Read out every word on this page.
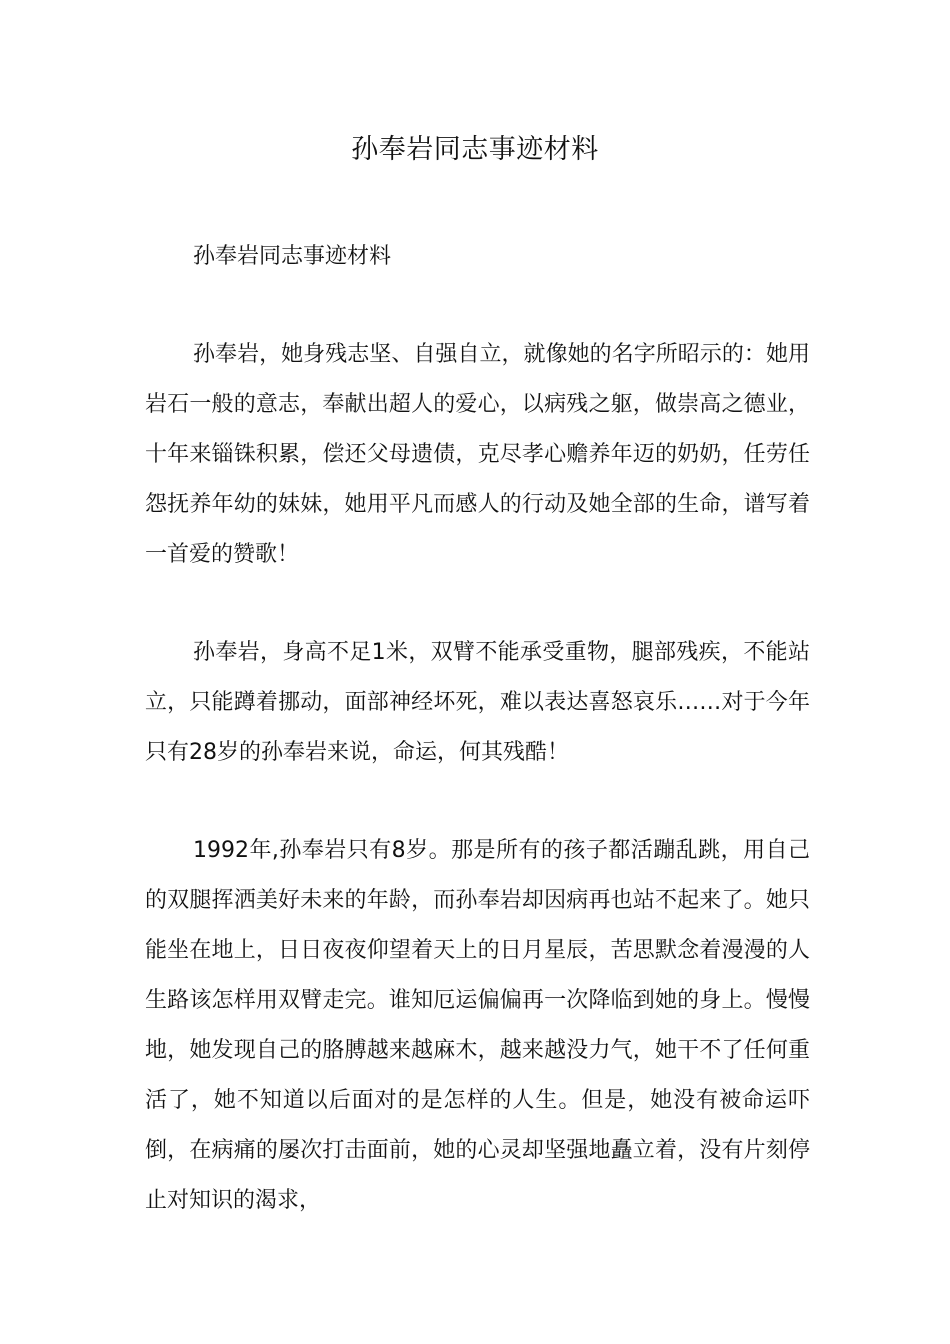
孙奉岩同志事迹材料

孙奉岩同志事迹材料

孙奉岩，她身残志坚、自强自立，就像她的名字所昭示的：她用岩石一般的意志，奉献出超人的爱心，以病残之躯，做崇高之德业，十年来锱铢积累，偿还父母遗债，克尽孝心赡养年迈的奶奶，任劳任怨抚养年幼的妹妹，她用平凡而感人的行动及她全部的生命，谱写着一首爱的赞歌！

孙奉岩，身高不足1米，双臂不能承受重物，腿部残疾，不能站立，只能蹲着挪动，面部神经坏死，难以表达喜怒哀乐……对于今年只有28岁的孙奉岩来说，命运，何其残酷！

1992年,孙奉岩只有8岁。那是所有的孩子都活蹦乱跳，用自己的双腿挥洒美好未来的年龄，而孙奉岩却因病再也站不起来了。她只能坐在地上，日日夜夜仰望着天上的日月星辰，苦思默念着漫漫的人生路该怎样用双臂走完。谁知厄运偏偏再一次降临到她的身上。慢慢地，她发现自己的胳膊越来越麻木，越来越没力气，她干不了任何重活了，她不知道以后面对的是怎样的人生。但是，她没有被命运吓倒，在病痛的屡次打击面前，她的心灵却坚强地矗立着，没有片刻停止对知识的渴求，
